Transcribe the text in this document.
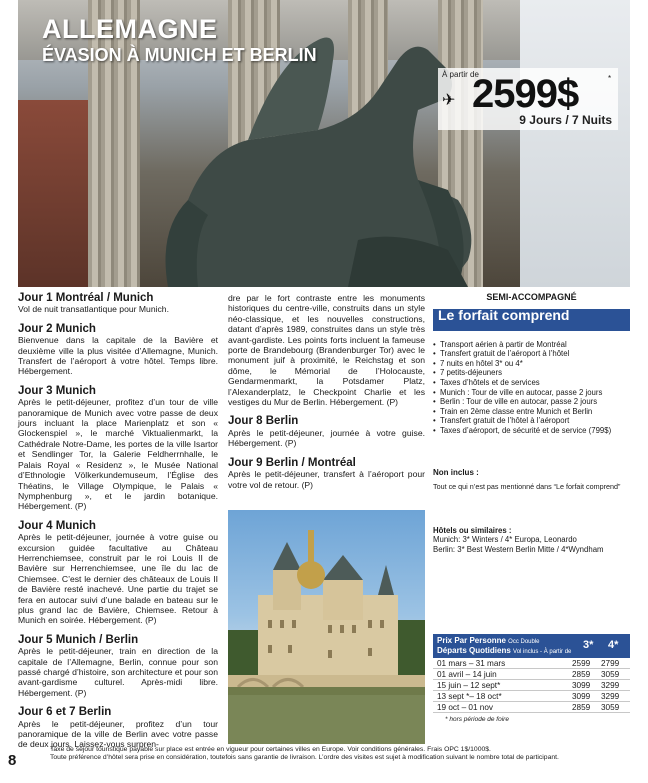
ALLEMAGNE
ÉVASION À MUNICH ET BERLIN
À partir de
✈ 2599$	*
9 Jours / 7 Nuits
Jour 1 Montréal / Munich

Vol de nuit transatlantique pour Munich.

Jour 2 Munich

Bienvenue dans la capitale de la Bavière et deuxième ville la plus visitée d’Allemagne, Munich. Transfert de l’aéroport à votre hôtel. Temps libre. Hébergement.

Jour 3 Munich

Après le petit-déjeuner, profitez d’un tour de ville panoramique de Munich avec votre passe de deux jours incluant la place Marienplatz et son « Glockenspiel », le marché Viktualienmarkt, la Cathédrale Notre-Dame, les portes de la ville Isartor et Sendlinger Tor, la Galerie Feldherrnhalle, le Palais Royal « Residenz », le Musée National d’Ethnologie Völkerkundemuseum, l’Église des Théatins, le Village Olympique, le Palais « Nymphenburg », et le jardin botanique. Hébergement. (P)

Jour 4 Munich

Après le petit-déjeuner, journée à votre guise ou excursion guidée facultative au Château Herrenchiemsee, construit par le roi Louis II de Bavière sur Herrenchiemsee, une île du lac de Chiemsee. C’est le dernier des châteaux de Louis II de Bavière resté inachevé. Une partie du trajet se fera en autocar suivi d’une balade en bateau sur le plus grand lac de Bavière, Chiemsee. Retour à Munich en soirée. Hébergement. (P)

Jour 5 Munich / Berlin

Après le petit-déjeuner, train en direction de la capitale de l’Allemagne, Berlin, connue pour son passé chargé d’histoire, son architecture et pour son avant-gardisme culturel. Après-midi libre. Hébergement. (P)

Jour 6 et 7 Berlin

Après le petit-déjeuner, profitez d’un tour panoramique de la ville de Berlin avec votre passe de deux jours. Laissez-vous surpren-

dre par le fort contraste entre les monuments historiques du centre-ville, construits dans un style néo-classique, et les nouvelles constructions, datant d’après 1989, construites dans un style très avant-gardiste. Les points forts incluent la fameuse porte de Brandebourg (Brandenburger Tor) avec le monument juif à proximité, le Reichstag et son dôme, le Mémorial de l’Holocauste, Gendarmenmarkt, la Potsdamer Platz, l’Alexanderplatz, le Checkpoint Charlie et les vestiges du Mur de Berlin. Hébergement. (P)

Jour 8 Berlin

Après le petit-déjeuner, journée à votre guise. Hébergement. (P)

Jour 9 Berlin / Montréal

Après le petit-déjeuner, transfert à l’aéroport pour votre vol de retour. (P)

SEMI-ACCOMPAGNÉ
Le forfait comprend
• Transport aérien à partir de Montréal
• Transfert gratuit de l’aéroport à l’hôtel
• 7 nuits en hôtel 3* ou 4*
• 7 petits-déjeuners
• Taxes d’hôtels et de services
• Munich : Tour de ville en autocar, passe 2 jours
• Berlin : Tour de ville en autocar, passe 2 jours
• Train en 2ème classe entre Munich et Berlin
• Transfert gratuit de l’hôtel à l’aéroport
• Taxes d’aéroport, de sécurité et de service (799$)
Non inclus :

Tout ce qui n’est pas mentionné dans “Le forfait comprend”

Hôtels ou similaires :
Munich: 3* Winters / 4* Europa, Leonardo
Berlin: 3* Best Western Berlin Mitte / 4*Wyndham
Prix Par Personne Occ Double
Départs Quotidiens Vol inclus - À partir de
3* 4*
01 mars – 31 mars	2599 2799
01 avril – 14 juin	2859 3059
15 juin – 12 sept*	3099 3299
13 sept *– 18 oct*	3099 3299
19 oct – 01 nov	2859 3059
* hors période de foire
8
Taxe de séjour touristique payable sur place est entrée en vigueur pour certaines villes en Europe. Voir conditions générales. Frais OPC 1$/1000$.
Toute préférence d’hôtel sera prise en considération, toutefois sans garantie de livraison. L’ordre des visites est sujet à modification suivant le nombre total de participant.
